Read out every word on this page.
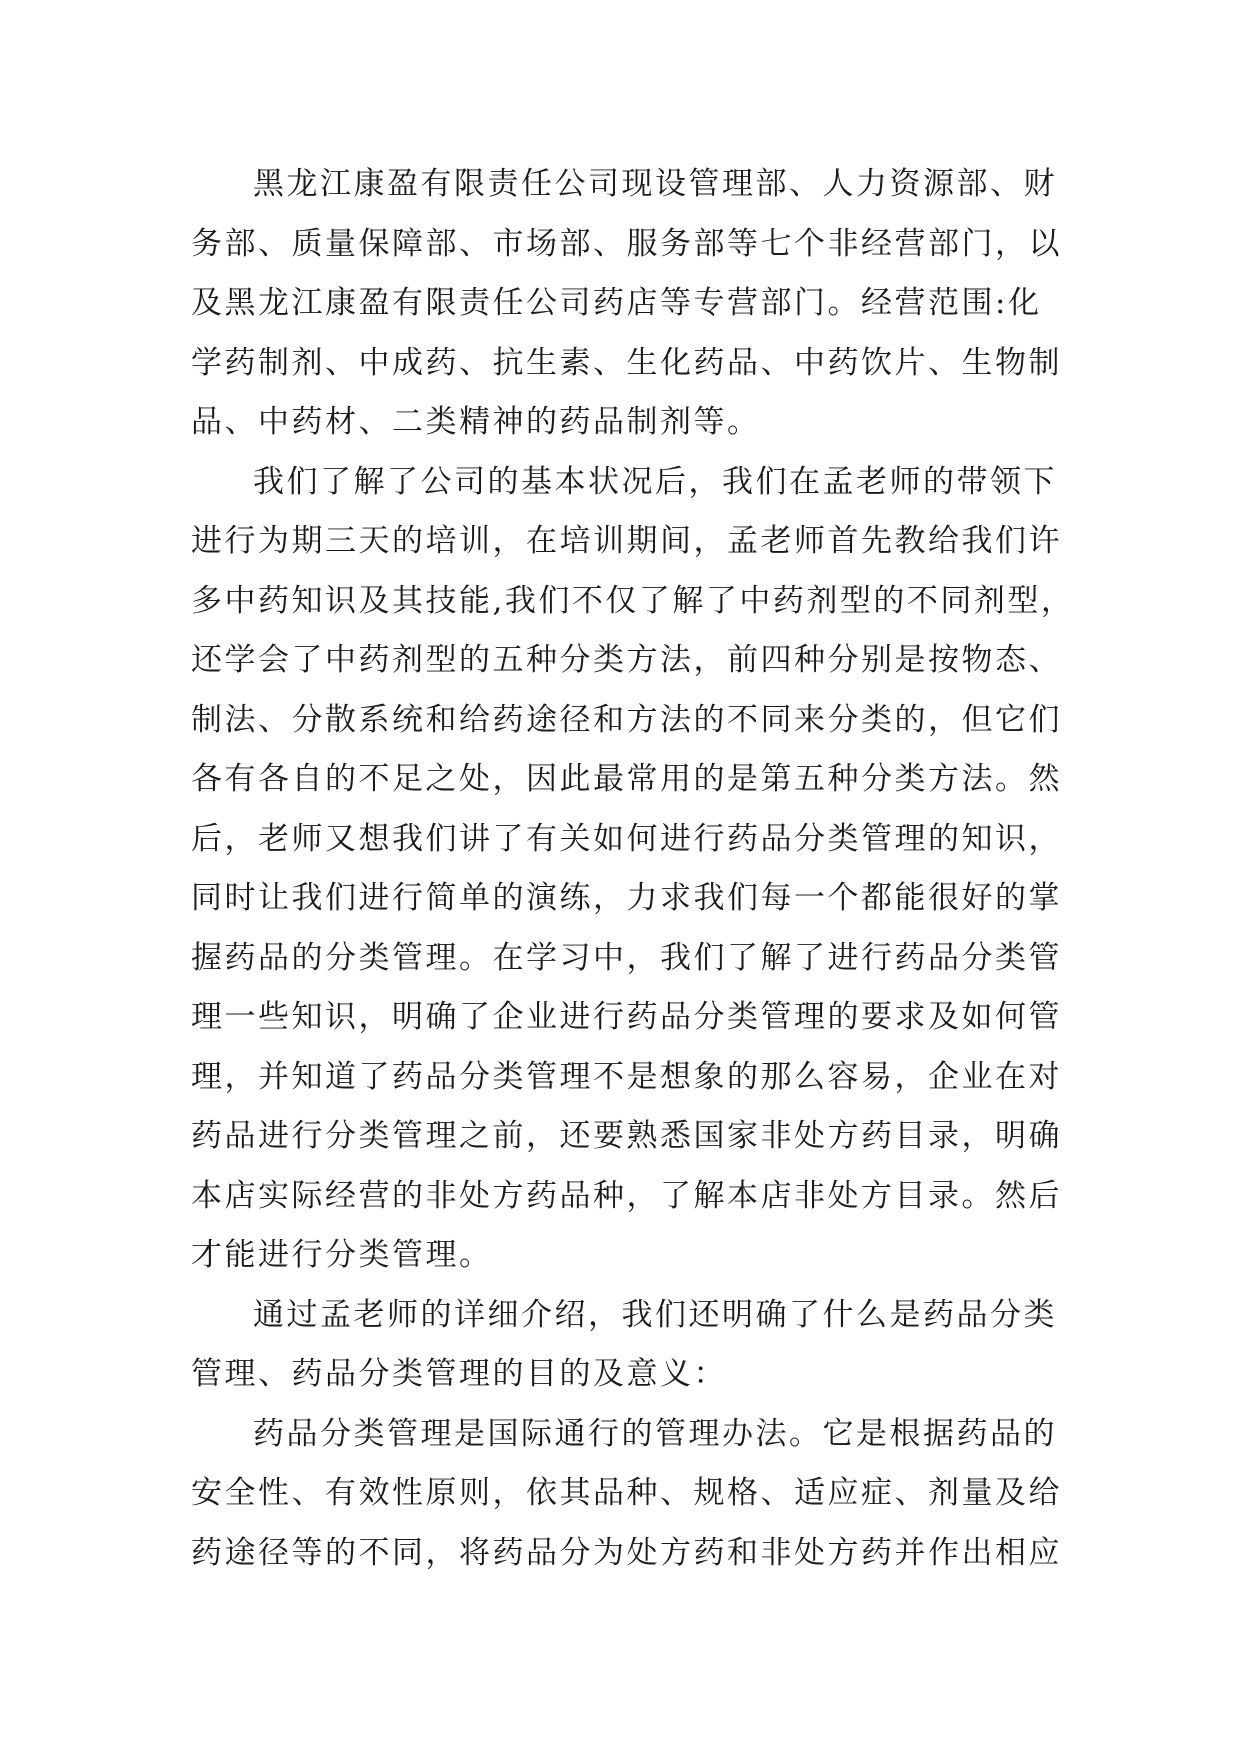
黑龙江康盈有限责任公司现设管理部、人力资源部、财
务部、质量保障部、市场部、服务部等七个非经营部门，以
及黑龙江康盈有限责任公司药店等专营部门。经营范围:化
学药制剂、中成药、抗生素、生化药品、中药饮片、生物制
品、中药材、二类精神的药品制剂等。
我们了解了公司的基本状况后，我们在孟老师的带领下
进行为期三天的培训，在培训期间，孟老师首先教给我们许
多中药知识及其技能,我们不仅了解了中药剂型的不同剂型，
还学会了中药剂型的五种分类方法，前四种分别是按物态、
制法、分散系统和给药途径和方法的不同来分类的，但它们
各有各自的不足之处，因此最常用的是第五种分类方法。然
后，老师又想我们讲了有关如何进行药品分类管理的知识，
同时让我们进行简单的演练，力求我们每一个都能很好的掌
握药品的分类管理。在学习中，我们了解了进行药品分类管
理一些知识，明确了企业进行药品分类管理的要求及如何管
理，并知道了药品分类管理不是想象的那么容易，企业在对
药品进行分类管理之前，还要熟悉国家非处方药目录，明确
本店实际经营的非处方药品种，了解本店非处方目录。然后
才能进行分类管理。
通过孟老师的详细介绍，我们还明确了什么是药品分类
管理、药品分类管理的目的及意义：
药品分类管理是国际通行的管理办法。它是根据药品的
安全性、有效性原则，依其品种、规格、适应症、剂量及给
药途径等的不同，将药品分为处方药和非处方药并作出相应
